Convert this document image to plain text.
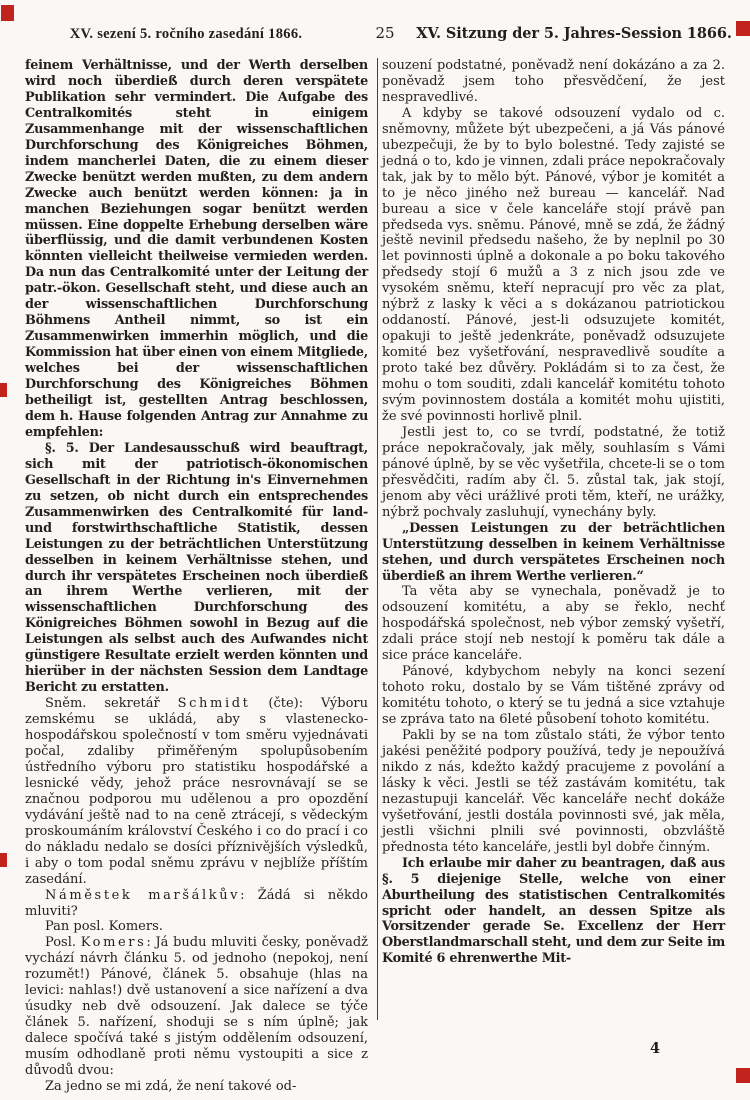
XV. sezení 5. ročního zasedání 1866.	25	XV. Sitzung der 5. Jahres-Session 1866.

feinem Verhältnisse, und der Werth derselben wird noch überdieß durch deren verspätete Publikation sehr vermindert. Die Aufgabe des Centralkomités steht in einigem Zusammenhange mit der wissenschaftlichen Durchforschung des Königreiches Böhmen, indem mancherlei Daten, die zu einem dieser Zwecke benützt werden mußten, zu dem andern Zwecke auch benützt werden können: ja in manchen Beziehungen sogar benützt werden müssen. Eine doppelte Erhebung derselben wäre überflüssig, und die damit verbundenen Kosten könnten vielleicht theilweise vermieden werden. Da nun das Centralkomité unter der Leitung der patr.-ökon. Gesellschaft steht, und diese auch an der wissenschaftlichen Durchforschung Böhmens Antheil nimmt, so ist ein Zusammenwirken immerhin möglich, und die Kommission hat über einen von einem Mitgliede, welches bei der wissenschaftlichen Durchforschung des Königreiches Böhmen betheiligt ist, gestellten Antrag beschlossen, dem h. Hause folgenden Antrag zur Annahme zu empfehlen:

§. 5. Der Landesausschuß wird beauftragt, sich mit der patriotisch-ökonomischen Gesellschaft in der Richtung in's Einvernehmen zu setzen, ob nicht durch ein entsprechendes Zusammenwirken des Centralkomité für land- und forstwirthschaftliche Statistik, dessen Leistungen zu der beträchtlichen Unterstützung desselben in keinem Verhältnisse stehen, und durch ihr verspätetes Erscheinen noch überdieß an ihrem Werthe verlieren, mit der wissenschaftlichen Durchforschung des Königreiches Böhmen sowohl in Bezug auf die Leistungen als selbst auch des Aufwandes nicht günstigere Resultate erzielt werden könnten und hierüber in der nächsten Session dem Landtage Bericht zu erstatten.

Sněm. sekretář Schmidt (čte): Výboru zemskému se ukládá, aby s vlastenecko-hospodářskou společností v tom směru vyjednávati počal, zdaliby přiměřeným spolupůsobením ústředního výboru pro statistiku hospodářské a lesnické vědy, jehož práce nesrovnávají se se značnou podporou mu udělenou a pro opozdění vydávání ještě nad to na ceně ztrácejí, s vědeckým proskoumáním království Českého i co do prací i co do nákladu nedalo se dosíci příznivějších výsledků, i aby o tom podal sněmu zprávu v nejblíže příštím zasedání.

Náměstek maršálkův: Žádá si někdo mluviti?

Pan posl. Komers.

Posl. Komers: Já budu mluviti česky, poněvadž vychází návrh článku 5. od jednoho (nepokoj, není rozumět!) Pánové, článek 5. obsahuje (hlas na levici: nahlas!) dvě ustanovení a sice nařízení a dva úsudky neb dvě odsouzení. Jak dalece se týče článek 5. nařízení, shoduji se s ním úplně; jak dalece spočívá také s jistým oddělením odsouzení, musím odhodlaně proti němu vystoupiti a sice z důvodů dvou:

Za jedno se mi zdá, že není takové od-

souzení podstatné, poněvadž není dokázáno a za 2. poněvadž jsem toho přesvědčení, že jest nespravedlivé.

A kdyby se takové odsouzení vydalo od c. sněmovny, můžete být ubezpečeni, a já Vás pánové ubezpečuji, že by to bylo bolestné. Tedy zajisté se jedná o to, kdo je vinnen, zdali práce nepokračovaly tak, jak by to mělo být. Pánové, výbor je komitét a to je něco jiného než bureau — kancelář. Nad bureau a sice v čele kanceláře stojí právě pan předseda vys. sněmu. Pánové, mně se zdá, že žádný ještě nevinil předsedu našeho, že by neplnil po 30 let povinnosti úplně a dokonale a po boku takového předsedy stojí 6 mužů a 3 z nich jsou zde ve vysokém sněmu, kteří nepracují pro věc za plat, nýbrž z lasky k věci a s dokázanou patriotickou oddaností. Pánové, jest-li odsuzujete komitét, opakuji to ještě jedenkráte, poněvadž odsuzujete komité bez vyšetřování, nespravedlivě soudíte a proto také bez důvěry. Pokládám si to za čest, že mohu o tom souditi, zdali kancelář komitétu tohoto svým povinnostem dostála a komitét mohu ujistiti, že své povinnosti horlivě plnil.

Jestli jest to, co se tvrdí, podstatné, že totiž práce nepokračovaly, jak měly, souhlasím s Vámi pánové úplně, by se věc vyšetřila, chcete-li se o tom přesvědčiti, radím aby čl. 5. zůstal tak, jak stojí, jenom aby věci urážlivé proti těm, kteří, ne urážky, nýbrž pochvaly zasluhují, vynechány byly.

„Dessen Leistungen zu der beträchtlichen Unterstützung desselben in keinem Verhältnisse stehen, und durch verspätetes Erscheinen noch überdieß an ihrem Werthe verlieren.“

Ta věta aby se vynechala, poněvadž je to odsouzení komitétu, a aby se řeklo, nechť hospodářská společnost, neb výbor zemský vyšetří, zdali práce stojí neb nestojí k poměru tak dále a sice práce kanceláře.

Pánové, kdybychom nebyly na konci sezení tohoto roku, dostalo by se Vám tištěné zprávy od komitétu tohoto, o který se tu jedná a sice vztahuje se zpráva tato na 6leté působení tohoto komitétu.

Pakli by se na tom zůstalo státi, že výbor tento jakési peněžité podpory používá, tedy je nepoužívá nikdo z nás, kdežto každý pracujeme z povolání a lásky k věci. Jestli se též zastávám komitétu, tak nezastupuji kancelář. Věc kanceláře nechť dokáže vyšetřování, jestli dostála povinnosti své, jak měla, jestli všichni plnili své povinnosti, obzvláště přednosta této kanceláře, jestli byl dobře činným.

Ich erlaube mir daher zu beantragen, daß aus §. 5 diejenige Stelle, welche von einer Aburtheilung des statistischen Centralkomités spricht oder handelt, an dessen Spitze als Vorsitzender gerade Se. Excellenz der Herr Oberstlandmarschall steht, und dem zur Seite im Komité 6 ehrenwerthe Mit-

4
